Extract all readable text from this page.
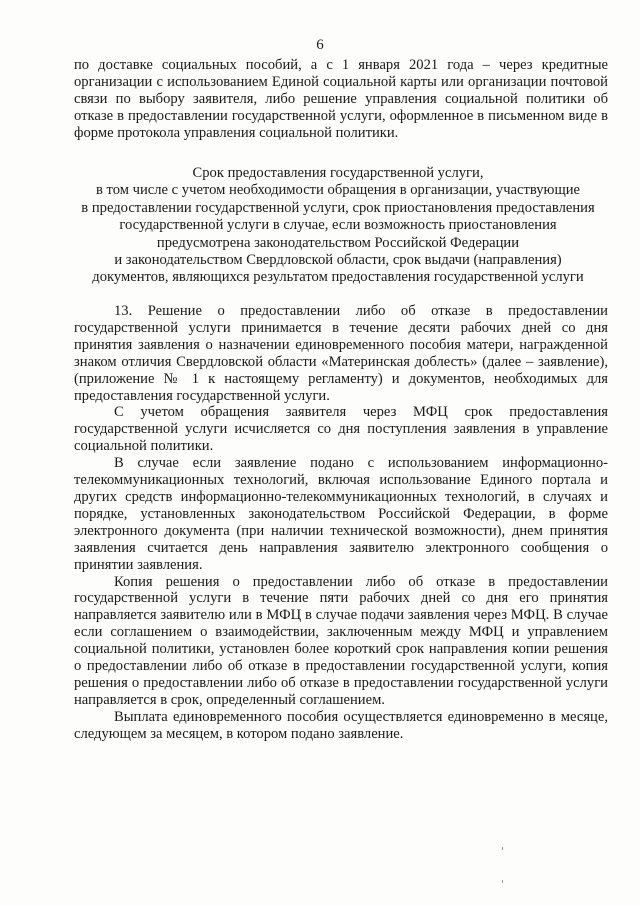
6
по доставке социальных пособий, а с 1 января 2021 года – через кредитные организации с использованием Единой социальной карты или организации почтовой связи по выбору заявителя, либо решение управления социальной политики об отказе в предоставлении государственной услуги, оформленное в письменном виде в форме протокола управления социальной политики.
Срок предоставления государственной услуги,
в том числе с учетом необходимости обращения в организации, участвующие
в предоставлении государственной услуги, срок приостановления предоставления
государственной услуги в случае, если возможность приостановления
предусмотрена законодательством Российской Федерации
и законодательством Свердловской области, срок выдачи (направления)
документов, являющихся результатом предоставления государственной услуги

13. Решение о предоставлении либо об отказе в предоставлении государственной услуги принимается в течение десяти рабочих дней со дня принятия заявления о назначении единовременного пособия матери, награжденной знаком отличия Свердловской области «Материнская доблесть» (далее – заявление), (приложение № 1 к настоящему регламенту) и документов, необходимых для предоставления государственной услуги.

С учетом обращения заявителя через МФЦ срок предоставления государственной услуги исчисляется со дня поступления заявления в управление социальной политики.

В случае если заявление подано с использованием информационно-телекоммуникационных технологий, включая использование Единого портала и других средств информационно-телекоммуникационных технологий, в случаях и порядке, установленных законодательством Российской Федерации, в форме электронного документа (при наличии технической возможности), днем принятия заявления считается день направления заявителю электронного сообщения о принятии заявления.

Копия решения о предоставлении либо об отказе в предоставлении государственной услуги в течение пяти рабочих дней со дня его принятия направляется заявителю или в МФЦ в случае подачи заявления через МФЦ. В случае если соглашением о взаимодействии, заключенным между МФЦ и управлением социальной политики, установлен более короткий срок направления копии решения о предоставлении либо об отказе в предоставлении государственной услуги, копия решения о предоставлении либо об отказе в предоставлении государственной услуги направляется в срок, определенный соглашением.

Выплата единовременного пособия осуществляется единовременно в месяце, следующем за месяцем, в котором подано заявление.
